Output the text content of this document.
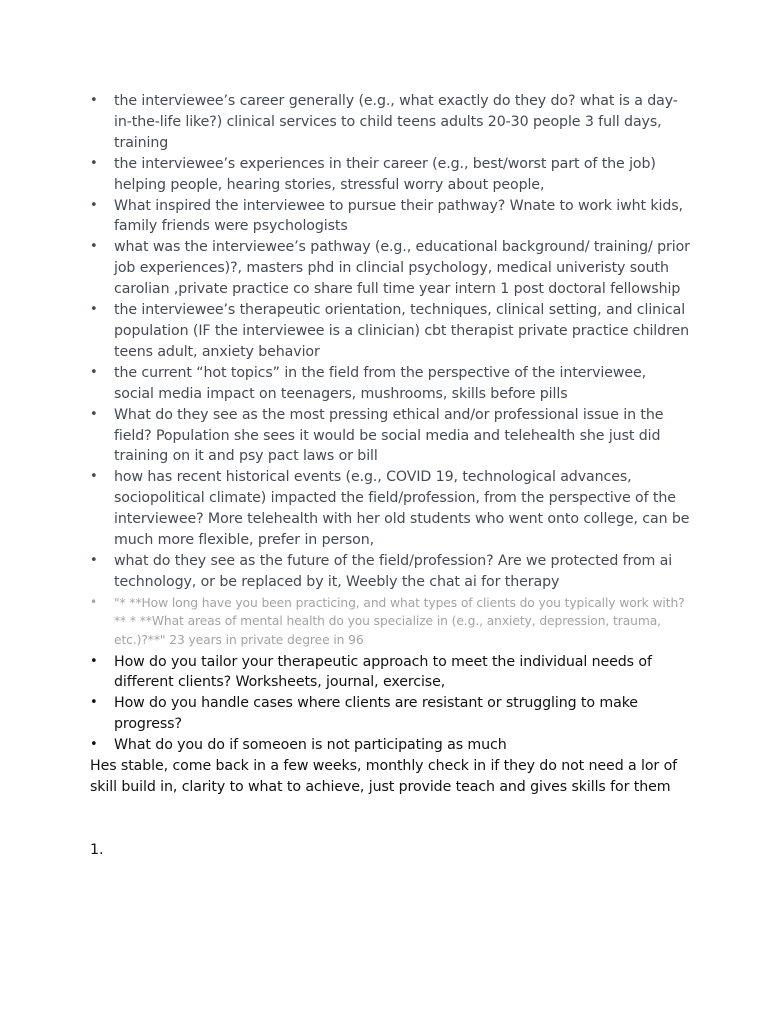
•	the interviewee’s career generally (e.g., what exactly do they do? what is a day-in-the-life like?) clinical services to child teens adults 20-30 people 3 full days, training
•	the interviewee’s experiences in their career (e.g., best/worst part of the job) helping people, hearing stories, stressful worry about people,
•	What inspired the interviewee to pursue their pathway? Wnate to work iwht kids, family friends were psychologists
•	what was the interviewee’s pathway (e.g., educational background/ training/ prior job experiences)?, masters phd in clincial psychology, medical univeristy south carolian ,private practice co share full time year intern 1 post doctoral fellowship
•	the interviewee’s therapeutic orientation, techniques, clinical setting, and clinical population (IF the interviewee is a clinician) cbt therapist private practice children teens adult, anxiety behavior
•	the current “hot topics” in the field from the perspective of the interviewee, social media impact on teenagers, mushrooms, skills before pills
•	What do they see as the most pressing ethical and/or professional issue in the field? Population she sees it would be social media and telehealth she just did training on it and psy pact laws or bill
•	how has recent historical events (e.g., COVID 19, technological advances, sociopolitical climate) impacted the field/profession, from the perspective of the interviewee? More telehealth with her old students who went onto college, can be much more flexible, prefer in person,
•	what do they see as the future of the field/profession? Are we protected from ai technology, or be replaced by it, Weebly the chat ai for therapy
•	"* **How long have you been practicing, and what types of clients do you typically work with?** * **What areas of mental health do you specialize in (e.g., anxiety, depression, trauma, etc.)?**" 23 years in private degree in 96
•	How do you tailor your therapeutic approach to meet the individual needs of different clients? Worksheets, journal, exercise,
•	How do you handle cases where clients are resistant or struggling to make progress?
•	What do you do if someoen is not participating as much

Hes stable, come back in a few weeks, monthly check in if they do not need a lor of skill build in, clarity to what to achieve, just provide teach and gives skills for them

1.
